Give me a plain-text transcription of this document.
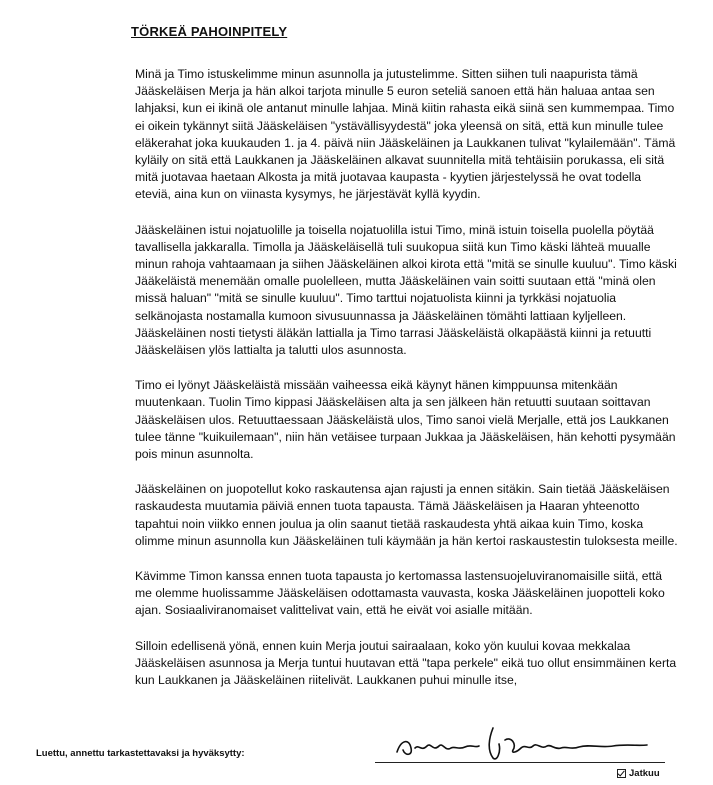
TÖRKEÄ PAHOINPITELY

Minä ja Timo istuskelimme minun asunnolla ja jutustelimme. Sitten siihen tuli naapurista tämä Jääskeläisen Merja ja hän alkoi tarjota minulle 5 euron seteliä sanoen että hän haluaa antaa sen lahjaksi, kun ei ikinä ole antanut minulle lahjaa. Minä kiitin rahasta eikä siinä sen kummempaa. Timo ei oikein tykännyt siitä Jääskeläisen "ystävällisyydestä" joka yleensä on sitä, että kun minulle tulee eläkerahat joka kuukauden 1. ja 4. päivä niin Jääskeläinen ja Laukkanen tulivat "kylailemään". Tämä kyläily on sitä että Laukkanen ja Jääskeläinen alkavat suunnitella mitä tehtäisiin porukassa, eli sitä mitä juotavaa haetaan Alkosta ja mitä juotavaa kaupasta - kyytien järjestelyssä he ovat todella eteviä, aina kun on viinasta kysymys, he järjestävät kyllä kyydin.

Jääskeläinen istui nojatuolille ja toisella nojatuolilla istui Timo, minä istuin toisella puolella pöytää tavallisella jakkaralla. Timolla ja Jääskeläisellä tuli suukopua siitä kun Timo käski lähteä muualle minun rahoja vahtaamaan ja siihen Jääskeläinen alkoi kirota että "mitä se sinulle kuuluu". Timo käski Jääkeläistä menemään omalle puolelleen, mutta Jääskeläinen vain soitti suutaan että "minä olen missä haluan" "mitä se sinulle kuuluu". Timo tarttui nojatuolista kiinni ja tyrkkäsi nojatuolia selkänojasta nostamalla kumoon sivusuunnassa ja Jääskeläinen tömähti lattiaan kyljelleen. Jääskeläinen nosti tietysti äläkän lattialla ja Timo tarrasi Jääskeläistä olkapäästä kiinni ja retuutti Jääskeläisen ylös lattialta ja talutti ulos asunnosta.

Timo ei lyönyt Jääskeläistä missään vaiheessa eikä käynyt hänen kimppuunsa mitenkään muutenkaan. Tuolin Timo kippasi Jääskeläisen alta ja sen jälkeen hän retuutti suutaan soittavan Jääskeläisen ulos. Retuuttaessaan Jääskeläistä ulos, Timo sanoi vielä Merjalle, että jos Laukkanen tulee tänne "kuikuilemaan", niin hän vetäisee turpaan Jukkaa ja Jääskeläisen, hän kehotti pysymään pois minun asunnolta.

Jääskeläinen on juopotellut koko raskautensa ajan rajusti ja ennen sitäkin. Sain tietää Jääskeläisen raskaudesta muutamia päiviä ennen tuota tapausta. Tämä Jääskeläisen ja Haaran yhteenotto tapahtui noin viikko ennen joulua ja olin saanut tietää raskaudesta yhtä aikaa kuin Timo, koska olimme minun asunnolla kun Jääskeläinen tuli käymään ja hän kertoi raskaustestin tuloksesta meille.

Kävimme Timon kanssa ennen tuota tapausta jo kertomassa lastensuojeluviranomaisille siitä, että me olemme huolissamme Jääskeläisen odottamasta vauvasta, koska Jääskeläinen juopotteli koko ajan. Sosiaaliviranomaiset valittelivat vain, että he eivät voi asialle mitään.

Silloin edellisenä yönä, ennen kuin Merja joutui sairaalaan, koko yön kuului kovaa mekkalaa Jääskeläisen asunnosa ja Merja tuntui huutavan että "tapa perkele" eikä tuo ollut ensimmäinen kerta kun Laukkanen ja Jääskeläinen riitelivät. Laukkanen puhui minulle itse,

Luettu, annettu tarkastettavaksi ja hyväksytty:
Jatkuu
